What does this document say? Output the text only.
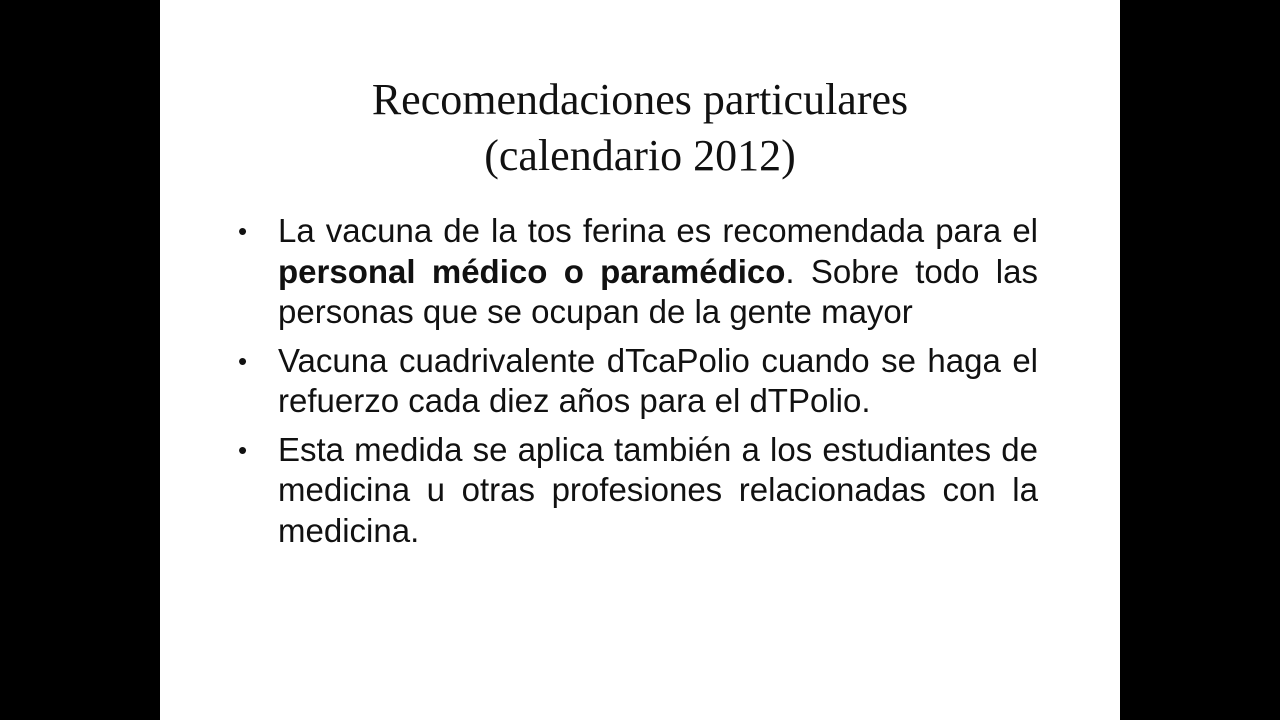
Recomendaciones particulares
(calendario 2012)
• La vacuna de la tos ferina es recomendada para el personal médico o paramédico. Sobre todo las personas que se ocupan de la gente mayor
• Vacuna cuadrivalente dTcaPolio cuando se haga el refuerzo cada diez años para el dTPolio.
• Esta medida se aplica también a los estudiantes de medicina u otras profesiones relacionadas con la medicina.
